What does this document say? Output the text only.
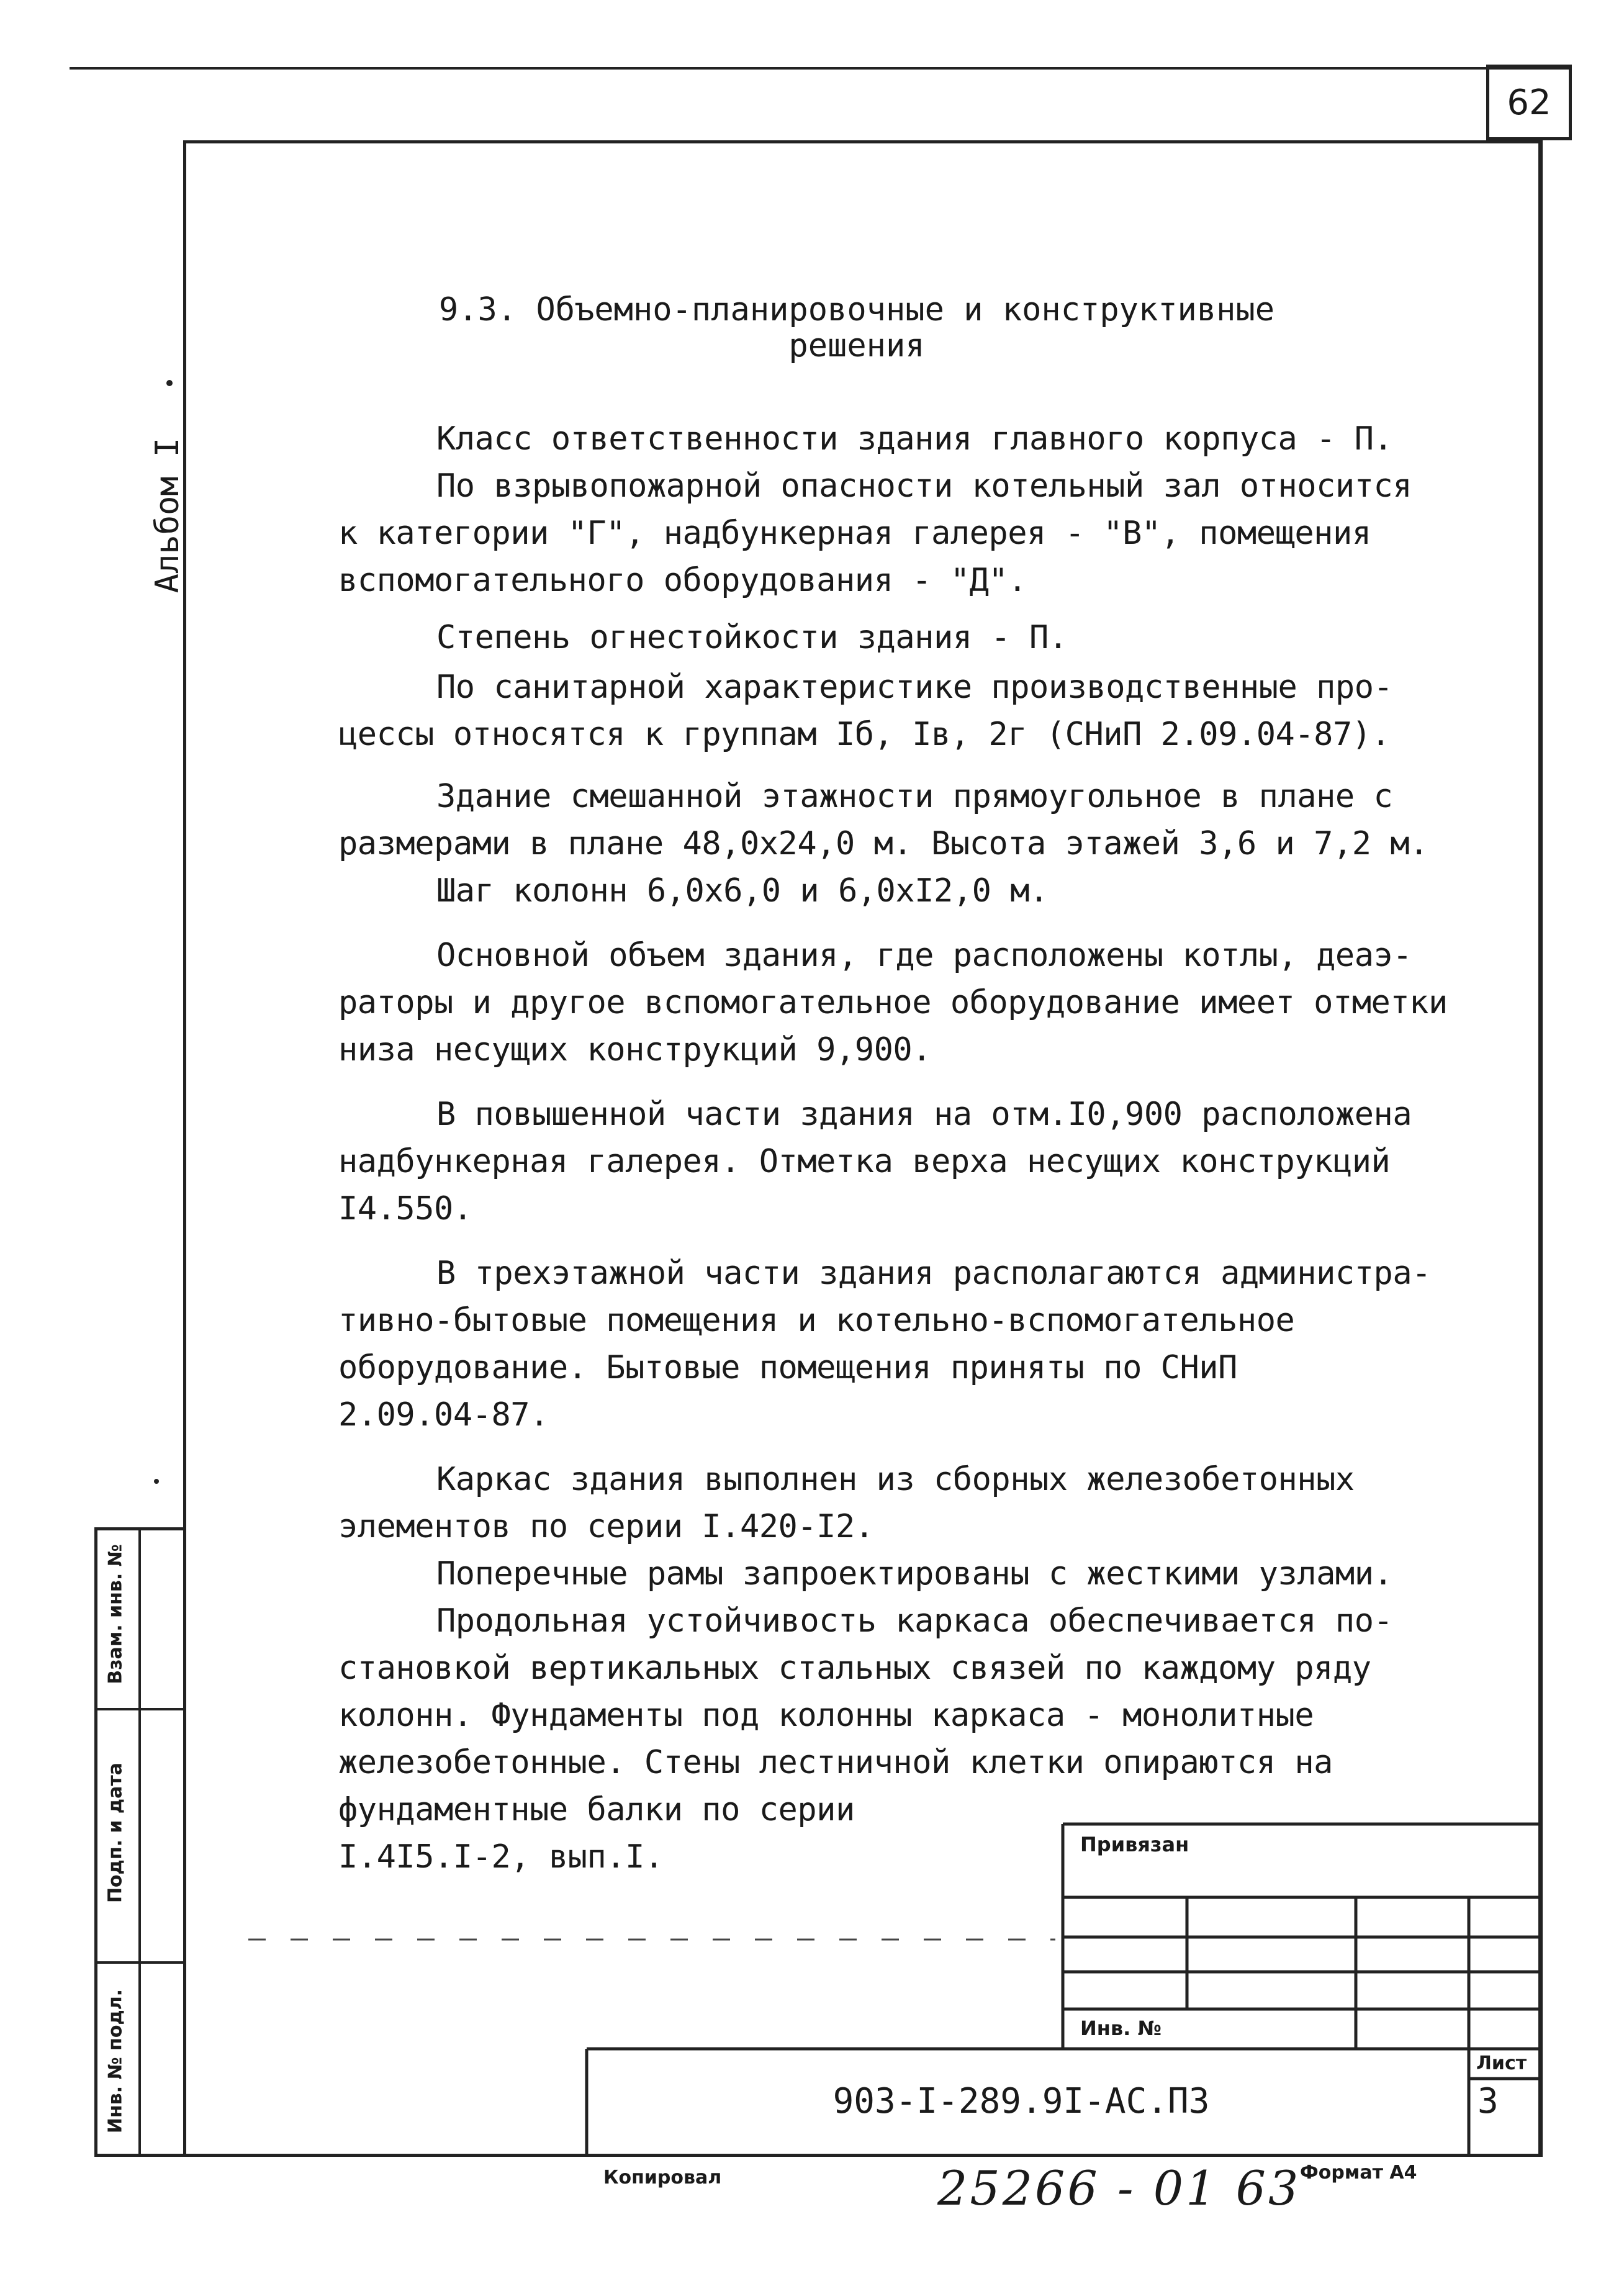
62
Альбом I
Взам. инв. №
Подп. и дата
Инв. № подл.
9.3. Объемно-планировочные и конструктивные
решения
Класс ответственности здания главного корпуса - П.
По взрывопожарной опасности котельный зал относится
к категории "Г", надбункерная галерея - "В", помещения
вспомогательного оборудования - "Д".
Степень огнестойкости здания - П.
По санитарной характеристике производственные про-
цессы относятся к группам Iб, Iв, 2г (СНиП 2.09.04-87).
Здание смешанной этажности прямоугольное в плане с
размерами в плане 48,0х24,0 м. Высота этажей 3,6 и 7,2 м.
Шаг колонн 6,0х6,0 и 6,0хI2,0 м.
Основной объем здания, где расположены котлы, деаэ-
раторы и другое вспомогательное оборудование имеет отметки
низа несущих конструкций 9,900.
В повышенной части здания на отм.I0,900 расположена
надбункерная галерея. Отметка верха несущих конструкций
I4.550.
В трехэтажной части здания располагаются администра-
тивно-бытовые помещения и котельно-вспомогательное
оборудование. Бытовые помещения приняты по СНиП
2.09.04-87.
Каркас здания выполнен из сборных железобетонных
элементов по серии I.420-I2.
Поперечные рамы запроектированы с жесткими узлами.
Продольная устойчивость каркаса обеспечивается по-
становкой вертикальных стальных связей по каждому ряду
колонн. Фундаменты под колонны каркаса - монолитные
железобетонные. Стены лестничной клетки опираются на
фундаментные балки по серии
I.4I5.I-2, вып.I.	Привязан
Инв. №
Лист
903-I-289.9I-АС.ПЗ	3
Копировал	25266 - 01 63
Формат А4
